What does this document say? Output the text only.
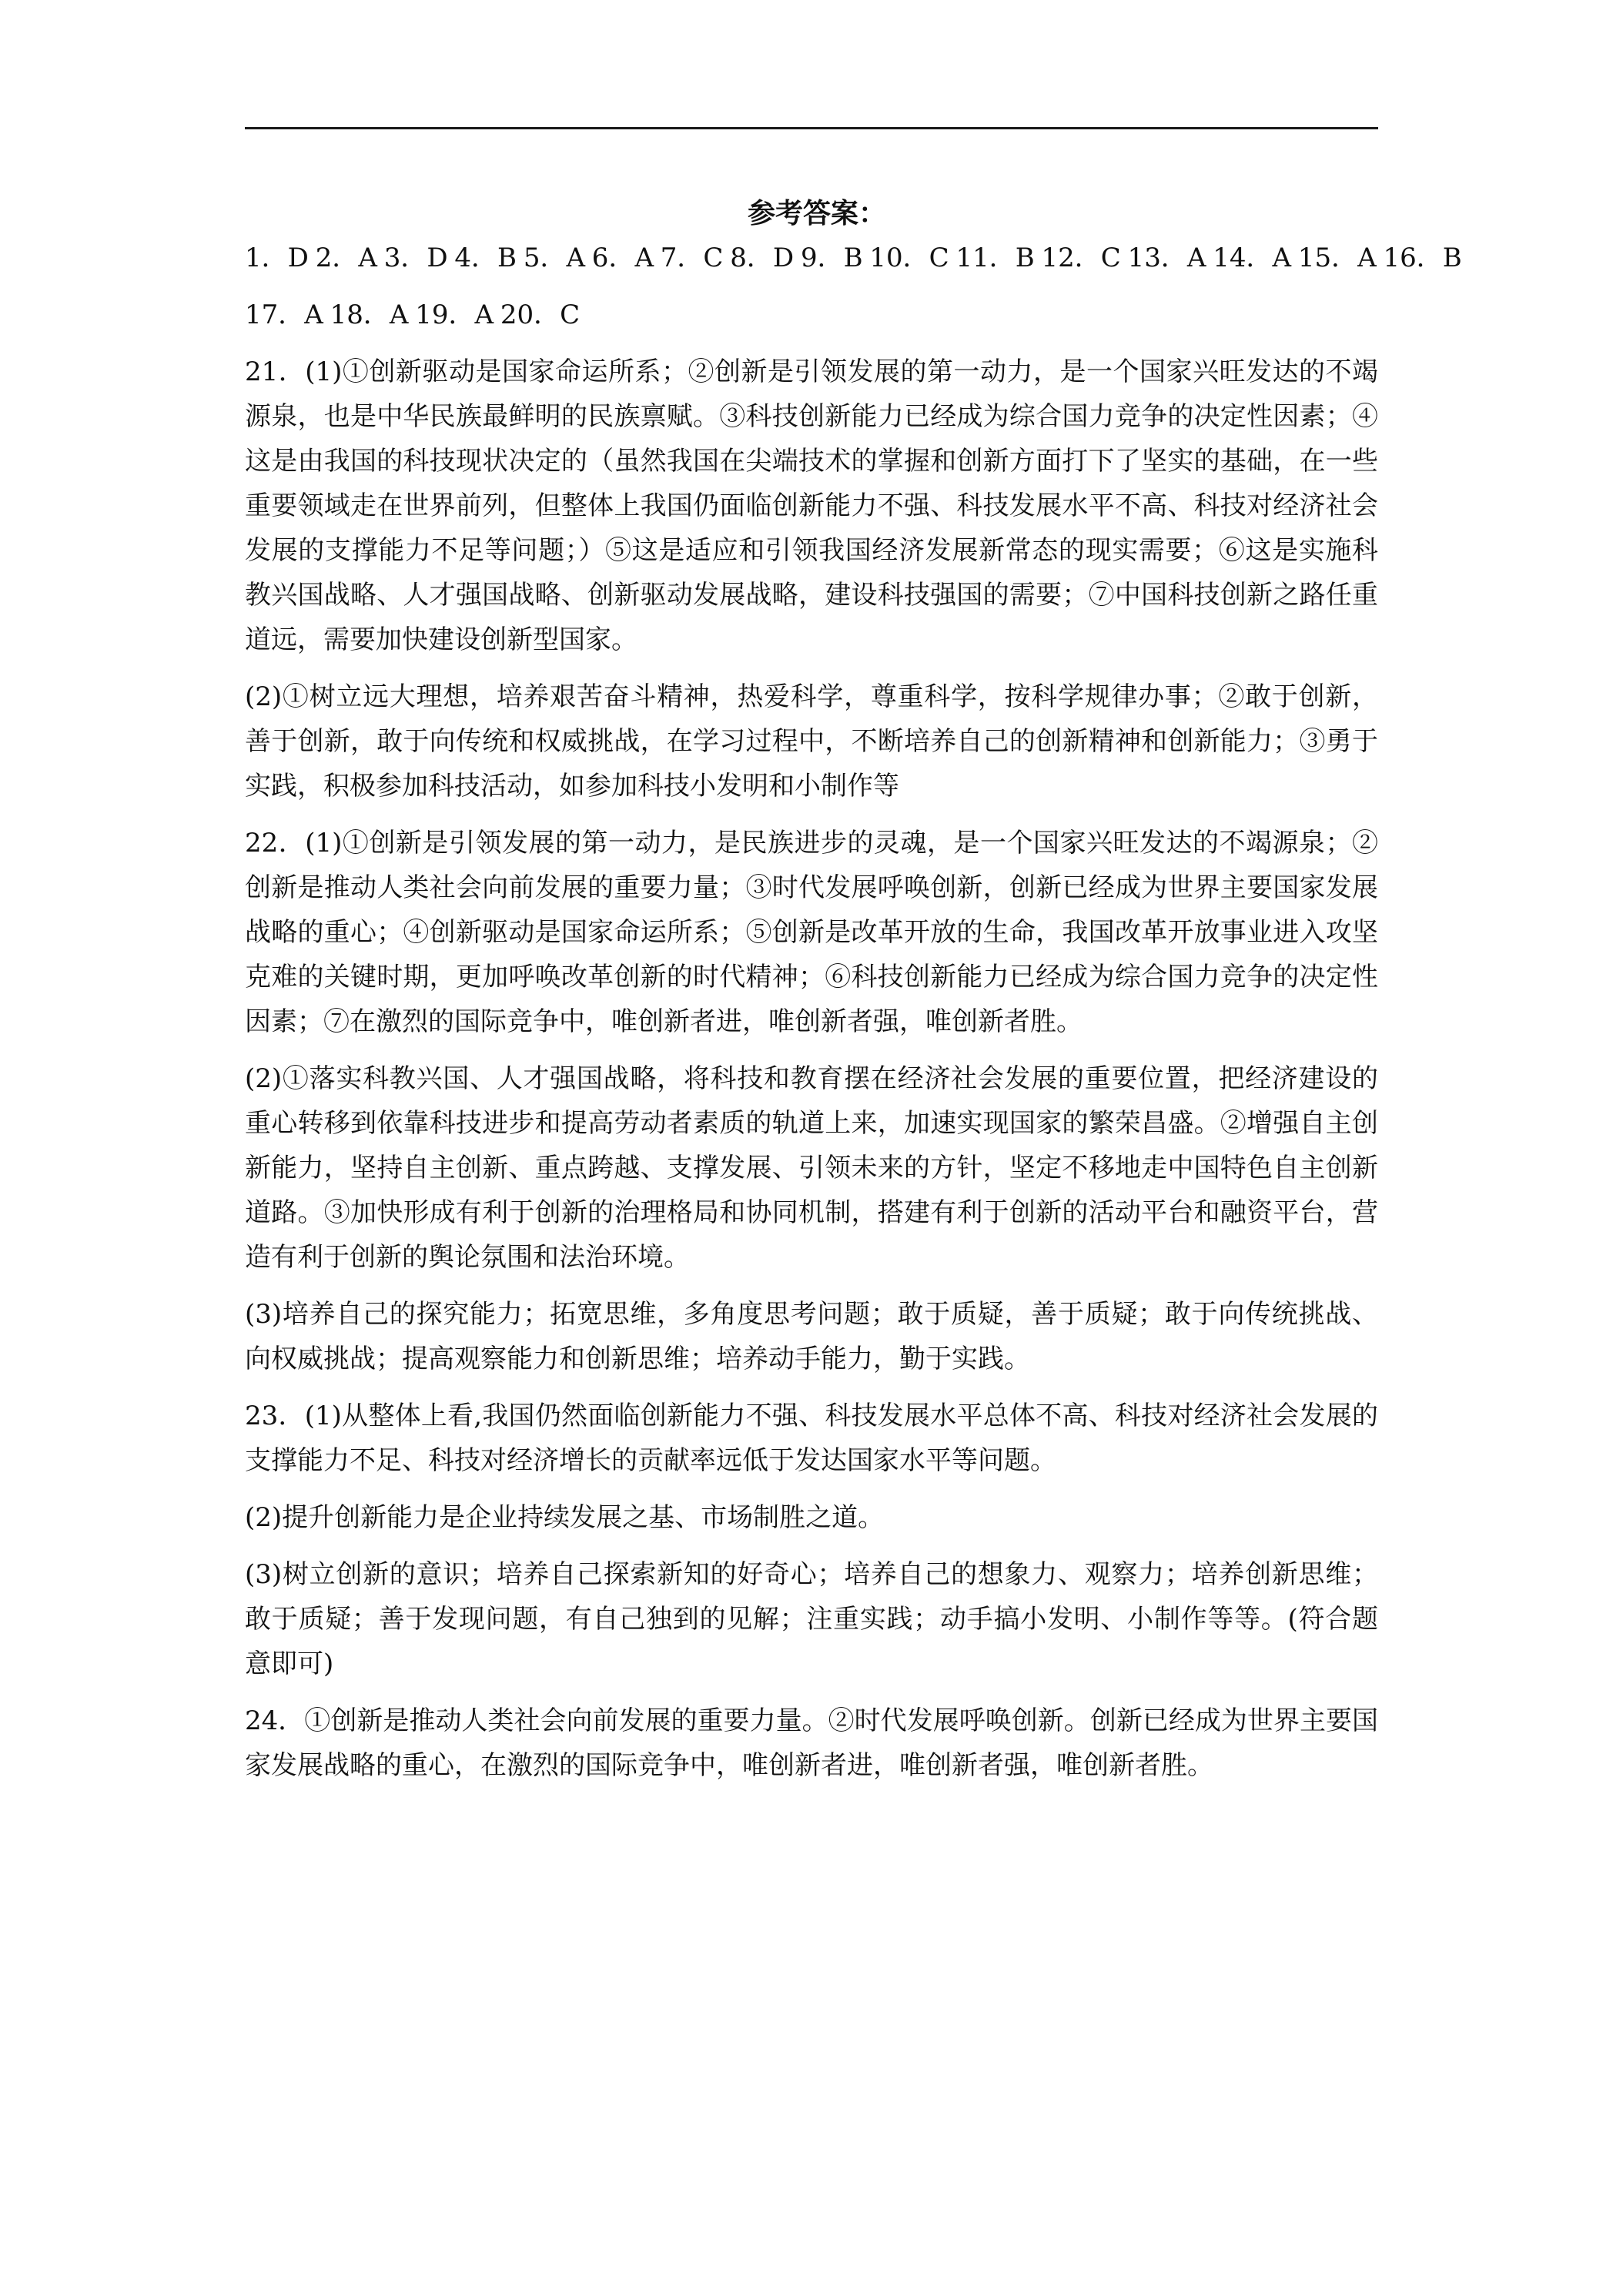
参考答案：

1．D 2．A 3．D 4．B 5．A 6．A 7．C 8．D 9．B 10．C 11．B 12．C 13．A 14．A 15．A 16．B

17．A 18．A 19．A 20．C

21．(1)①创新驱动是国家命运所系；②创新是引领发展的第一动力，是一个国家兴旺发达的不竭源泉，也是中华民族最鲜明的民族禀赋。③科技创新能力已经成为综合国力竞争的决定性因素；④这是由我国的科技现状决定的（虽然我国在尖端技术的掌握和创新方面打下了坚实的基础，在一些重要领域走在世界前列，但整体上我国仍面临创新能力不强、科技发展水平不高、科技对经济社会发展的支撑能力不足等问题；）⑤这是适应和引领我国经济发展新常态的现实需要；⑥这是实施科教兴国战略、人才强国战略、创新驱动发展战略，建设科技强国的需要；⑦中国科技创新之路任重道远，需要加快建设创新型国家。

(2)①树立远大理想，培养艰苦奋斗精神，热爱科学，尊重科学，按科学规律办事；②敢于创新，善于创新，敢于向传统和权威挑战，在学习过程中，不断培养自己的创新精神和创新能力；③勇于实践，积极参加科技活动，如参加科技小发明和小制作等

22．(1)①创新是引领发展的第一动力，是民族进步的灵魂，是一个国家兴旺发达的不竭源泉；②创新是推动人类社会向前发展的重要力量；③时代发展呼唤创新，创新已经成为世界主要国家发展战略的重心；④创新驱动是国家命运所系；⑤创新是改革开放的生命，我国改革开放事业进入攻坚克难的关键时期，更加呼唤改革创新的时代精神；⑥科技创新能力已经成为综合国力竞争的决定性因素；⑦在激烈的国际竞争中，唯创新者进，唯创新者强，唯创新者胜。

(2)①落实科教兴国、人才强国战略，将科技和教育摆在经济社会发展的重要位置，把经济建设的重心转移到依靠科技进步和提高劳动者素质的轨道上来，加速实现国家的繁荣昌盛。②增强自主创新能力，坚持自主创新、重点跨越、支撑发展、引领未来的方针，坚定不移地走中国特色自主创新道路。③加快形成有利于创新的治理格局和协同机制，搭建有利于创新的活动平台和融资平台，营造有利于创新的舆论氛围和法治环境。

(3)培养自己的探究能力；拓宽思维，多角度思考问题；敢于质疑，善于质疑；敢于向传统挑战、向权威挑战；提高观察能力和创新思维；培养动手能力，勤于实践。

23．(1)从整体上看,我国仍然面临创新能力不强、科技发展水平总体不高、科技对经济社会发展的支撑能力不足、科技对经济增长的贡献率远低于发达国家水平等问题。

(2)提升创新能力是企业持续发展之基、市场制胜之道。

(3)树立创新的意识；培养自己探索新知的好奇心；培养自己的想象力、观察力；培养创新思维；敢于质疑；善于发现问题，有自己独到的见解；注重实践；动手搞小发明、小制作等等。(符合题意即可)

24．①创新是推动人类社会向前发展的重要力量。②时代发展呼唤创新。创新已经成为世界主要国家发展战略的重心，在激烈的国际竞争中，唯创新者进，唯创新者强，唯创新者胜。
